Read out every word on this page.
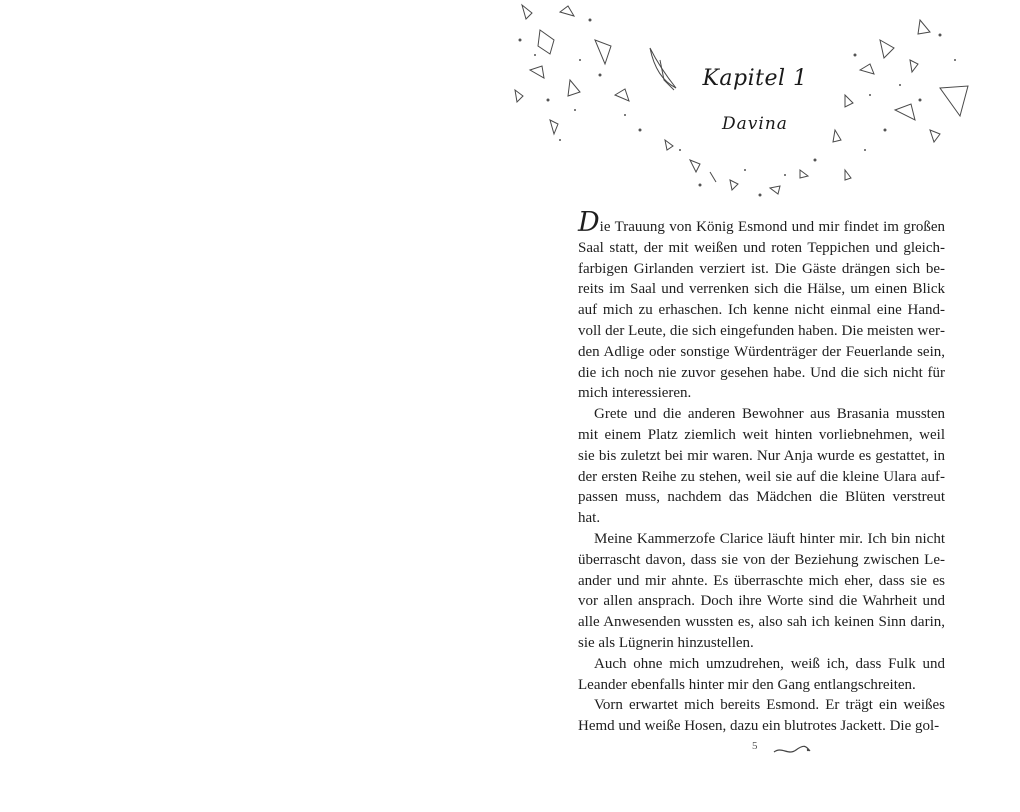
Kapitel 1
Davina

Die Trauung von König Esmond und mir findet im großen Saal statt, der mit weißen und roten Teppichen und gleichfarbigen Girlanden verziert ist. Die Gäste drängen sich bereits im Saal und verrenken sich die Hälse, um einen Blick auf mich zu erhaschen. Ich kenne nicht einmal eine Handvoll der Leute, die sich eingefunden haben. Die meisten werden Adlige oder sonstige Würdenträger der Feuerlande sein, die ich noch nie zuvor gesehen habe. Und die sich nicht für mich interessieren.

Grete und die anderen Bewohner aus Brasania mussten mit einem Platz ziemlich weit hinten vorliebnehmen, weil sie bis zuletzt bei mir waren. Nur Anja wurde es gestattet, in der ersten Reihe zu stehen, weil sie auf die kleine Ulara aufpassen muss, nachdem das Mädchen die Blüten verstreut hat.

Meine Kammerzofe Clarice läuft hinter mir. Ich bin nicht überrascht davon, dass sie von der Beziehung zwischen Leander und mir ahnte. Es überraschte mich eher, dass sie es vor allen ansprach. Doch ihre Worte sind die Wahrheit und alle Anwesenden wussten es, also sah ich keinen Sinn darin, sie als Lügnerin hinzustellen.

Auch ohne mich umzudrehen, weiß ich, dass Fulk und Leander ebenfalls hinter mir den Gang entlangschreiten.

Vorn erwartet mich bereits Esmond. Er trägt ein weißes Hemd und weiße Hosen, dazu ein blutrotes Jackett. Die gol-

5
